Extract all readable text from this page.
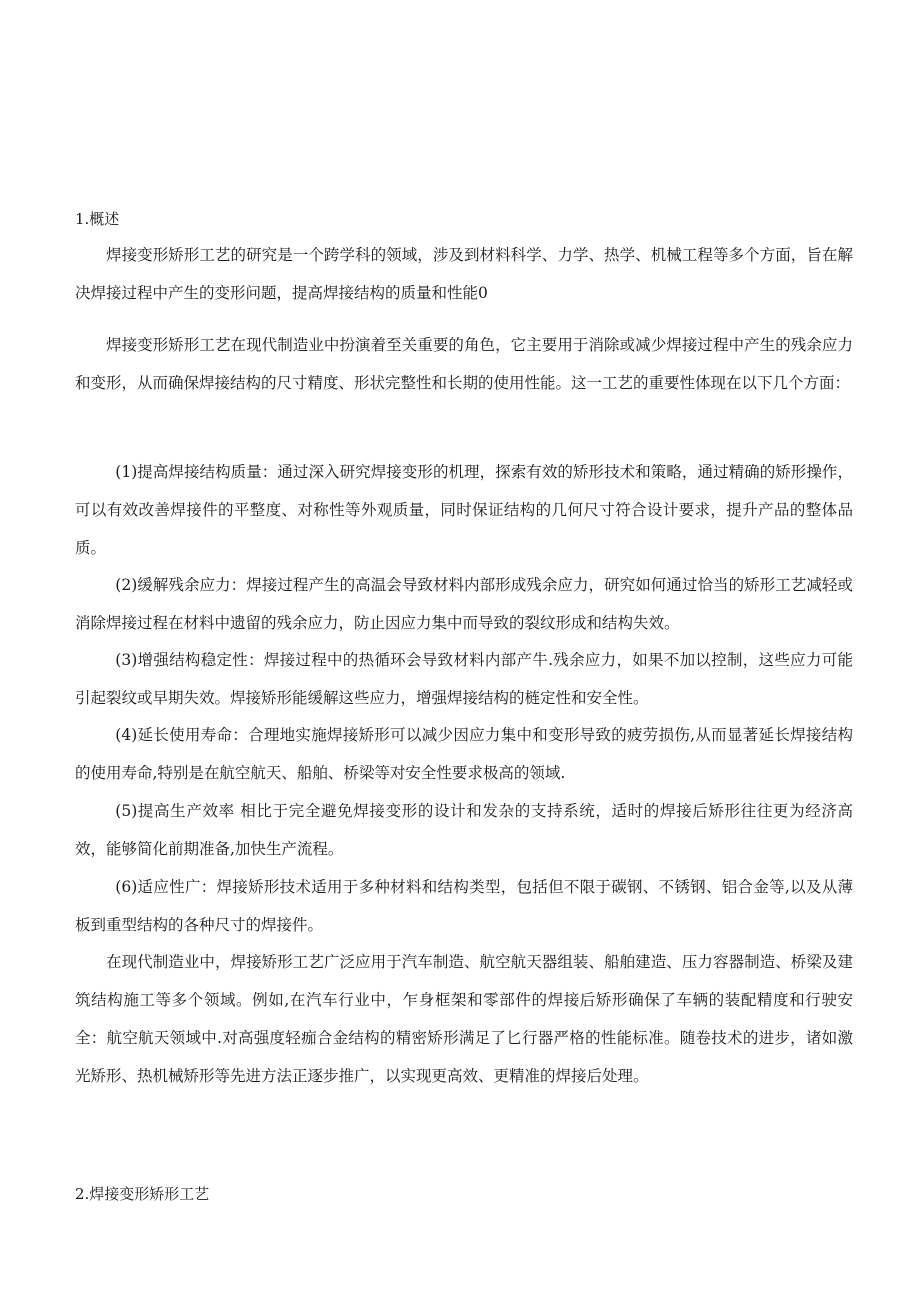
1.概述

焊接变形矫形工艺的研究是一个跨学科的领域，涉及到材料科学、力学、热学、机械工程等多个方面，旨在解决焊接过程中产生的变形问题，提高焊接结构的质量和性能0

焊接变形矫形工艺在现代制造业中扮演着至关重要的角色，它主要用于消除或减少焊接过程中产生的残余应力和变形，从而确保焊接结构的尺寸精度、形状完整性和长期的使用性能。这一工艺的重要性体现在以下几个方面：

(1)提高焊接结构质量：通过深入研究焊接变形的机理，探索有效的矫形技术和策略，通过精确的矫形操作，可以有效改善焊接件的平整度、对称性等外观质量，同时保证结构的几何尺寸符合设计要求，提升产品的整体品质。

(2)缓解残余应力：焊接过程产生的高温会导致材料内部形成残余应力，研究如何通过恰当的矫形工艺减轻或消除焊接过程在材料中遗留的残余应力，防止因应力集中而导致的裂纹形成和结构失效。

(3)增强结构稳定性：焊接过程中的热循环会导致材料内部产牛.残余应力，如果不加以控制，这些应力可能引起裂纹或早期失效。焊接矫形能缓解这些应力，增强焊接结构的梿定性和安全性。

(4)延长使用寿命：合理地实施焊接矫形可以减少因应力集中和变形导致的疲劳损伤,从而显著延长焊接结构的使用寿命,特别是在航空航天、船舶、桥梁等对安全性要求极高的领域.

(5)提高生产效率 相比于完全避免焊接变形的设计和发杂的支持系统，适时的焊接后矫形往往更为经济高效，能够简化前期准备,加快生产流程。

(6)适应性广：焊接矫形技术适用于多种材料和结构类型，包括但不限于碳钢、不锈钢、铝合金等,以及从薄板到重型结构的各种尺寸的焊接件。

在现代制造业中，焊接矫形工艺广泛应用于汽车制造、航空航天器组装、船舶建造、压力容器制造、桥梁及建筑结构施工等多个领域。例如,在汽车行业中，乍身框架和零部件的焊接后矫形确保了车辆的装配精度和行驶安全：航空航天领域中.对高强度轻痂合金结构的精密矫形满足了匕行器严格的性能标准。随卷技术的进步，诸如激光矫形、热机械矫形等先进方法正逐步推广，以实现更高效、更精准的焊接后处理。

2.焊接变形矫形工艺
